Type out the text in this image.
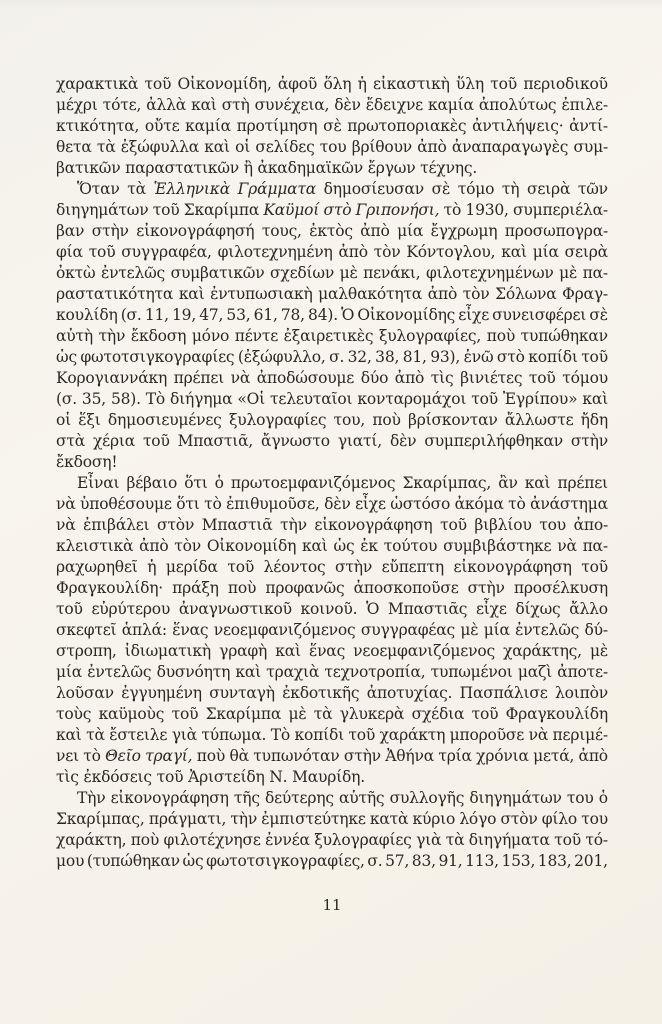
χαρακτικὰ τοῦ Οἰκονομίδη, ἀφοῦ ὅλη ἡ εἰκαστικὴ ὕλη τοῦ περιοδικοῦ
μέχρι τότε, ἀλλὰ καὶ στὴ συνέχεια, δὲν ἔδειχνε καμία ἀπολύτως ἐπιλε-
κτικότητα, οὔτε καμία προτίμηση σὲ πρωτοποριακὲς ἀντιλήψεις· ἀντί-
θετα τὰ ἐξώφυλλα καὶ οἱ σελίδες του βρίθουν ἀπὸ ἀναπαραγωγὲς συμ-
βατικῶν παραστατικῶν ἢ ἀκαδημαϊκῶν ἔργων τέχνης.
Ὅταν τὰ Ἑλληνικὰ Γράμματα δημοσίευσαν σὲ τόμο τὴ σειρὰ τῶν
διηγημάτων τοῦ Σκαρίμπα Καϋμοί στὸ Γριπονήσι, τὸ 1930, συμπεριέλα-
βαν στὴν εἰκονογράφησή τους, ἐκτὸς ἀπὸ μία ἔγχρωμη προσωπογρα-
φία τοῦ συγγραφέα, φιλοτεχνημένη ἀπὸ τὸν Κόντογλου, καὶ μία σειρὰ
ὀκτὼ ἐντελῶς συμβατικῶν σχεδίων μὲ πενάκι, φιλοτεχνημένων μὲ πα-
ραστατικότητα καὶ ἐντυπωσιακὴ μαλθακότητα ἀπὸ τὸν Σόλωνα Φραγ-
κουλίδη (σ. 11, 19, 47, 53, 61, 78, 84). Ὁ Οἰκονομίδης εἶχε συνεισφέρει σὲ
αὐτὴ τὴν ἔκδοση μόνο πέντε ἐξαιρετικὲς ξυλογραφίες, ποὺ τυπώθηκαν
ὡς φωτοτσιγκογραφίες (ἐξώφυλλο, σ. 32, 38, 81, 93), ἐνῶ στὸ κοπίδι τοῦ
Κορογιαννάκη πρέπει νὰ ἀποδώσουμε δύο ἀπὸ τὶς βινιέτες τοῦ τόμου
(σ. 35, 58). Τὸ διήγημα «Οἱ τελευταῖοι κονταρομάχοι τοῦ Ἐγρίπου» καὶ
οἱ ἕξι δημοσιευμένες ξυλογραφίες του, ποὺ βρίσκονταν ἄλλωστε ἤδη
στὰ χέρια τοῦ Μπαστιᾶ, ἄγνωστο γιατί, δὲν συμπεριλήφθηκαν στὴν
ἔκδοση!
Εἶναι βέβαιο ὅτι ὁ πρωτοεμφανιζόμενος Σκαρίμπας, ἂν καὶ πρέπει
νὰ ὑποθέσουμε ὅτι τὸ ἐπιθυμοῦσε, δὲν εἶχε ὡστόσο ἀκόμα τὸ ἀνάστημα
νὰ ἐπιβάλει στὸν Μπαστιᾶ τὴν εἰκονογράφηση τοῦ βιβλίου του ἀπο-
κλειστικὰ ἀπὸ τὸν Οἰκονομίδη καὶ ὡς ἐκ τούτου συμβιβάστηκε νὰ πα-
ραχωρηθεῖ ἡ μερίδα τοῦ λέοντος στὴν εὔπεπτη εἰκονογράφηση τοῦ
Φραγκουλίδη· πράξη ποὺ προφανῶς ἀποσκοποῦσε στὴν προσέλκυση
τοῦ εὐρύτερου ἀναγνωστικοῦ κοινοῦ. Ὁ Μπαστιᾶς εἶχε δίχως ἄλλο
σκεφτεῖ ἁπλά: ἕνας νεοεμφανιζόμενος συγγραφέας μὲ μία ἐντελῶς δύ-
στροπη, ἰδιωματικὴ γραφὴ καὶ ἕνας νεοεμφανιζόμενος χαράκτης, μὲ
μία ἐντελῶς δυσνόητη καὶ τραχιὰ τεχνοτροπία, τυπωμένοι μαζὶ ἀποτε-
λοῦσαν ἐγγυημένη συνταγὴ ἐκδοτικῆς ἀποτυχίας. Πασπάλισε λοιπὸν
τοὺς καϋμοὺς τοῦ Σκαρίμπα μὲ τὰ γλυκερὰ σχέδια τοῦ Φραγκουλίδη
καὶ τὰ ἔστειλε γιὰ τύπωμα. Τὸ κοπίδι τοῦ χαράκτη μποροῦσε νὰ περιμέ-
νει τὸ Θεῖο τραγί, ποὺ θὰ τυπωνόταν στὴν Ἀθήνα τρία χρόνια μετά, ἀπὸ
τὶς ἐκδόσεις τοῦ Ἀριστείδη Ν. Μαυρίδη.
Τὴν εἰκονογράφηση τῆς δεύτερης αὐτῆς συλλογῆς διηγημάτων του ὁ
Σκαρίμπας, πράγματι, τὴν ἐμπιστεύτηκε κατὰ κύριο λόγο στὸν φίλο του
χαράκτη, ποὺ φιλοτέχνησε ἐννέα ξυλογραφίες γιὰ τὰ διηγήματα τοῦ τό-
μου (τυπώθηκαν ὡς φωτοτσιγκογραφίες, σ. 57, 83, 91, 113, 153, 183, 201,
11
